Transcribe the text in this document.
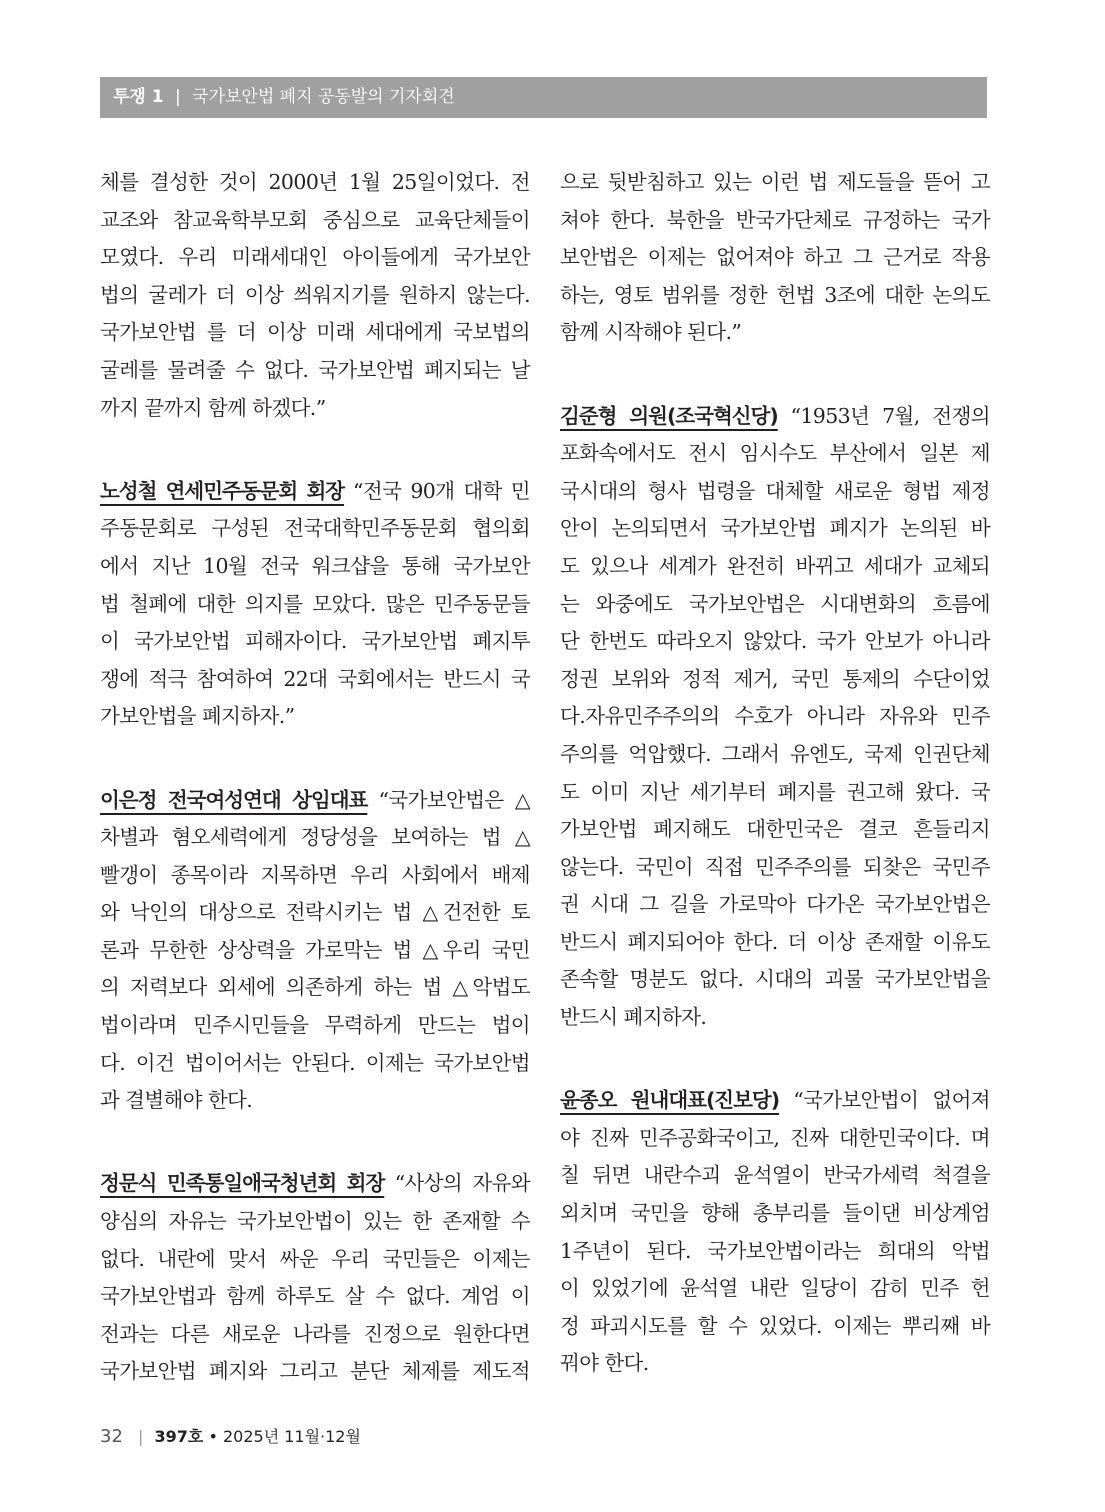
투쟁 1 | 국가보안법 폐지 공동발의 기자회견
체를 결성한 것이 2000년 1월 25일이었다. 전
교조와 참교육학부모회 중심으로 교육단체들이
모였다. 우리 미래세대인 아이들에게 국가보안
법의 굴레가 더 이상 씌워지기를 원하지 않는다.
국가보안법 를 더 이상 미래 세대에게 국보법의
굴레를 물려줄 수 없다. 국가보안법 폐지되는 날
까지 끝까지 함께 하겠다.”
노성철 연세민주동문회 회장 “전국 90개 대학 민
주동문회로 구성된 전국대학민주동문회 협의회
에서 지난 10월 전국 워크샵을 통해 국가보안
법 철폐에 대한 의지를 모았다. 많은 민주동문들
이 국가보안법 피해자이다. 국가보안법 폐지투
쟁에 적극 참여하여 22대 국회에서는 반드시 국
가보안법을 폐지하자.”
이은정 전국여성연대 상임대표 “국가보안법은 △
차별과 혐오세력에게 정당성을 보여하는 법 △
빨갱이 종목이라 지목하면 우리 사회에서 배제
와 낙인의 대상으로 전락시키는 법 △건전한 토
론과 무한한 상상력을 가로막는 법 △우리 국민
의 저력보다 외세에 의존하게 하는 법 △악법도
법이라며 민주시민들을 무력하게 만드는 법이
다. 이건 법이어서는 안된다. 이제는 국가보안법
과 결별해야 한다.
정문식 민족통일애국청년회 회장 “사상의 자유와
양심의 자유는 국가보안법이 있는 한 존재할 수
없다. 내란에 맞서 싸운 우리 국민들은 이제는
국가보안법과 함께 하루도 살 수 없다. 계엄 이
전과는 다른 새로운 나라를 진정으로 원한다면
국가보안법 폐지와 그리고 분단 체제를 제도적
으로 뒷받침하고 있는 이런 법 제도들을 뜯어 고
쳐야 한다. 북한을 반국가단체로 규정하는 국가
보안법은 이제는 없어져야 하고 그 근거로 작용
하는, 영토 범위를 정한 헌법 3조에 대한 논의도
함께 시작해야 된다.”
김준형 의원(조국혁신당) “1953년 7월, 전쟁의
포화속에서도 전시 임시수도 부산에서 일본 제
국시대의 형사 법령을 대체할 새로운 형법 제정
안이 논의되면서 국가보안법 폐지가 논의된 바
도 있으나 세계가 완전히 바뀌고 세대가 교체되
는 와중에도 국가보안법은 시대변화의 흐름에
단 한번도 따라오지 않았다. 국가 안보가 아니라
정권 보위와 정적 제거, 국민 통제의 수단이었
다.자유민주주의의 수호가 아니라 자유와 민주
주의를 억압했다. 그래서 유엔도, 국제 인권단체
도 이미 지난 세기부터 폐지를 권고해 왔다. 국
가보안법 폐지해도 대한민국은 결코 흔들리지
않는다. 국민이 직접 민주주의를 되찾은 국민주
권 시대 그 길을 가로막아 다가온 국가보안법은
반드시 폐지되어야 한다. 더 이상 존재할 이유도
존속할 명분도 없다. 시대의 괴물 국가보안법을
반드시 폐지하자.
윤종오 원내대표(진보당) “국가보안법이 없어져
야 진짜 민주공화국이고, 진짜 대한민국이다. 며
칠 뒤면 내란수괴 윤석열이 반국가세력 척결을
외치며 국민을 향해 총부리를 들이댄 비상계엄
1주년이 된다. 국가보안법이라는 희대의 악법
이 있었기에 윤석열 내란 일당이 감히 민주 헌
정 파괴시도를 할 수 있었다. 이제는 뿌리째 바
꿔야 한다.
32 | 397호 • 2025년 11월·12월
